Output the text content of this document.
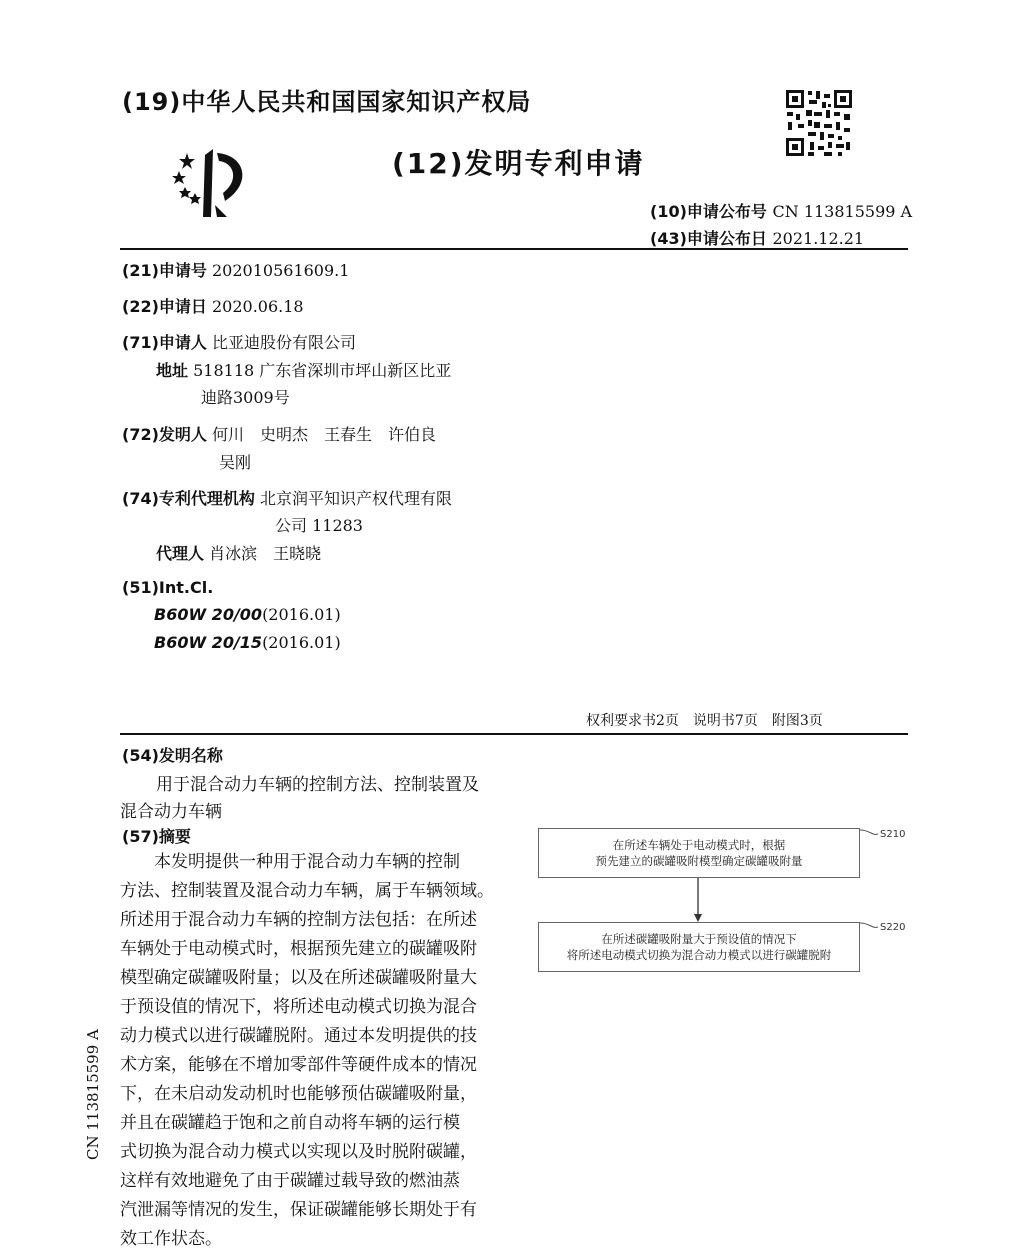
(19)中华人民共和国国家知识产权局
(12)发明专利申请
(10)申请公布号 CN 113815599 A
(43)申请公布日 2021.12.21
(21)申请号 202010561609.1
(22)申请日 2020.06.18
(71)申请人 比亚迪股份有限公司
地址 518118 广东省深圳市坪山新区比亚
迪路3009号
(72)发明人 何川　史明杰　王春生　许伯良
吴刚
(74)专利代理机构 北京润平知识产权代理有限
公司 11283
代理人 肖冰滨　王晓晓
(51)Int.Cl.
B60W 20/00(2016.01)
B60W 20/15(2016.01)
权利要求书2页　说明书7页　附图3页
(54)发明名称
用于混合动力车辆的控制方法、控制装置及
混合动力车辆
(57)摘要
　　本发明提供一种用于混合动力车辆的控制
方法、控制装置及混合动力车辆，属于车辆领域。
所述用于混合动力车辆的控制方法包括：在所述
车辆处于电动模式时，根据预先建立的碳罐吸附
模型确定碳罐吸附量；以及在所述碳罐吸附量大
于预设值的情况下，将所述电动模式切换为混合
动力模式以进行碳罐脱附。通过本发明提供的技
术方案，能够在不增加零部件等硬件成本的情况
下，在未启动发动机时也能够预估碳罐吸附量，
并且在碳罐趋于饱和之前自动将车辆的运行模
式切换为混合动力模式以实现以及时脱附碳罐，
这样有效地避免了由于碳罐过载导致的燃油蒸
汽泄漏等情况的发生，保证碳罐能够长期处于有
效工作状态。
在所述车辆处于电动模式时，根据
预先建立的碳罐吸附模型确定碳罐吸附量
S210
在所述碳罐吸附量大于预设值的情况下
将所述电动模式切换为混合动力模式以进行碳罐脱附
S220
CN 113815599 A
